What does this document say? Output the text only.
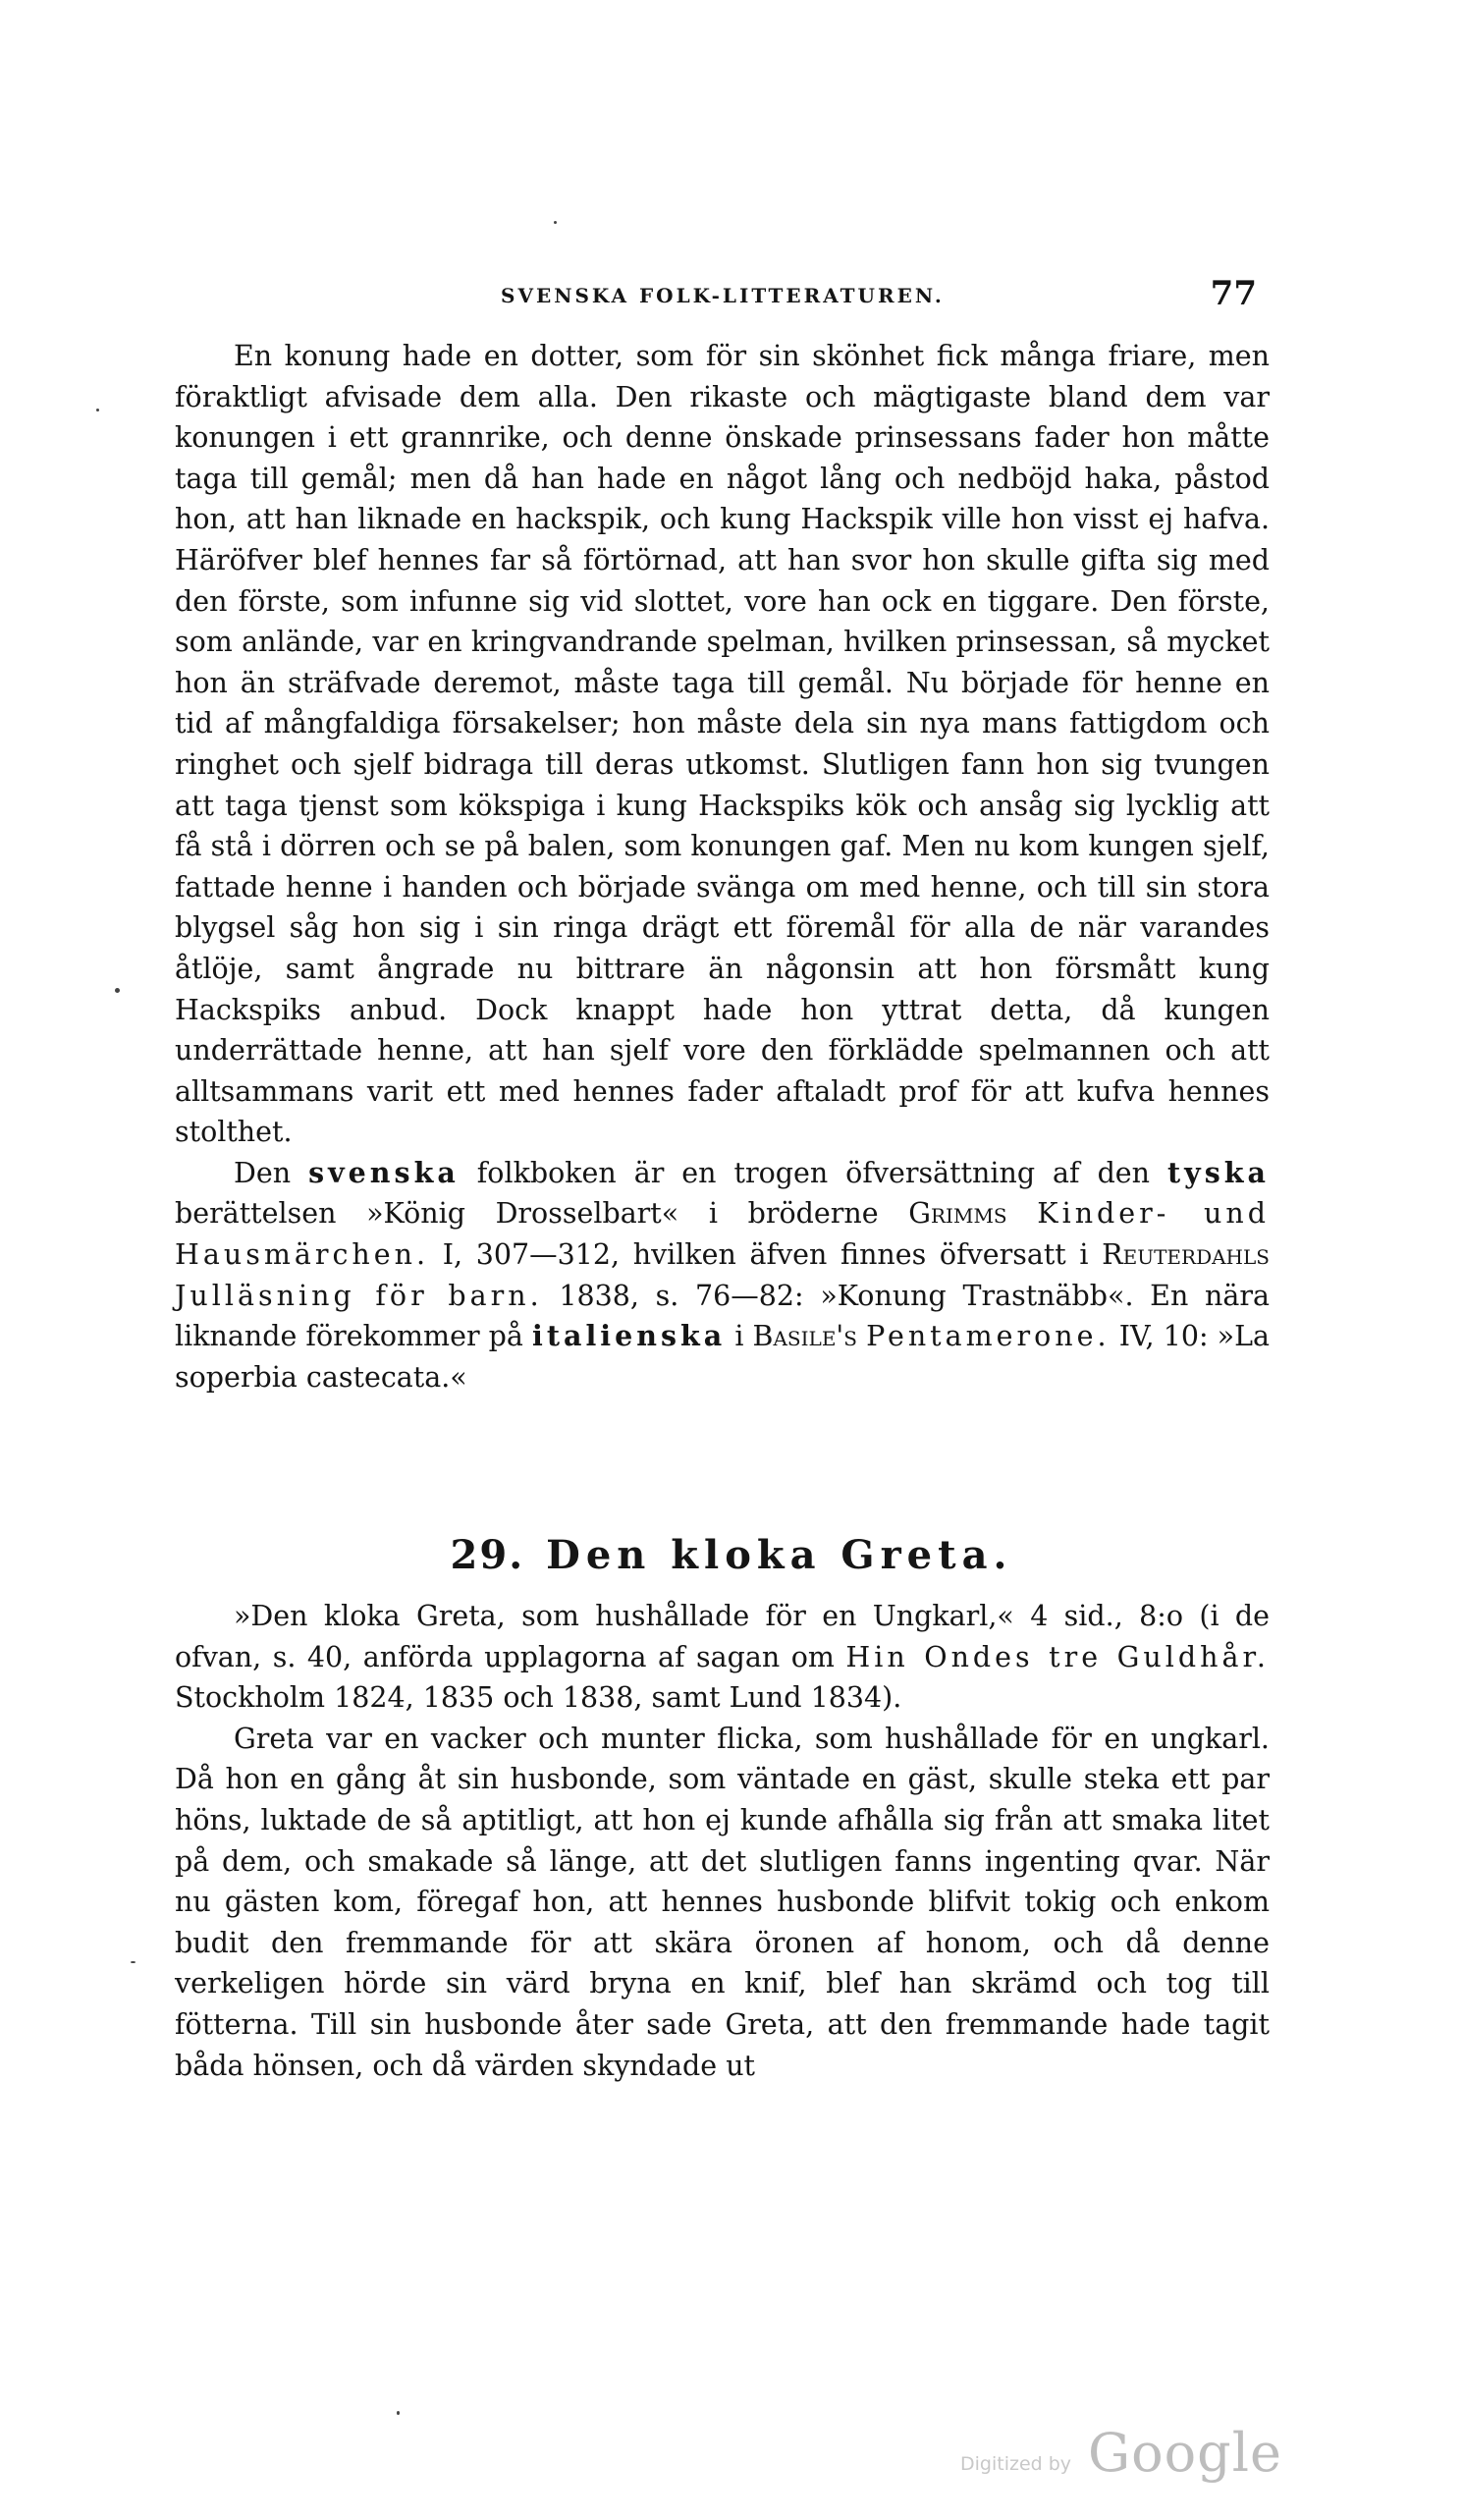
SVENSKA FOLK-LITTERATUREN.	77

En konung hade en dotter, som för sin skönhet fick många friare, men föraktligt afvisade dem alla. Den rikaste och mägtigaste bland dem var konungen i ett grannrike, och denne önskade prinsessans fader hon måtte taga till gemål; men då han hade en något lång och nedböjd haka, påstod hon, att han liknade en hackspik, och kung Hackspik ville hon visst ej hafva. Häröfver blef hennes far så förtörnad, att han svor hon skulle gifta sig med den förste, som infunne sig vid slottet, vore han ock en tiggare. Den förste, som anlände, var en kringvandrande spelman, hvilken prinsessan, så mycket hon än sträfvade deremot, måste taga till gemål. Nu började för henne en tid af mångfaldiga försakelser; hon måste dela sin nya mans fattigdom och ringhet och sjelf bidraga till deras utkomst. Slutligen fann hon sig tvungen att taga tjenst som kökspiga i kung Hackspiks kök och ansåg sig lycklig att få stå i dörren och se på balen, som konungen gaf. Men nu kom kungen sjelf, fattade henne i handen och började svänga om med henne, och till sin stora blygsel såg hon sig i sin ringa drägt ett föremål för alla de när varandes åtlöje, samt ångrade nu bittrare än någonsin att hon försmått kung Hackspiks anbud. Dock knappt hade hon yttrat detta, då kungen underrättade henne, att han sjelf vore den förklädde spelmannen och att alltsammans varit ett med hennes fader aftaladt prof för att kufva hennes stolthet.

Den svenska folkboken är en trogen öfversättning af den tyska berättelsen »König Drosselbart« i bröderne Grimms Kinder- und Hausmärchen. I, 307—312, hvilken äfven finnes öfversatt i Reuterdahls Julläsning för barn. 1838, s. 76—82: »Konung Trastnäbb«. En nära liknande förekommer på italienska i Basile's Pentamerone. IV, 10: »La soperbia castecata.«

29. Den kloka Greta.

»Den kloka Greta, som hushållade för en Ungkarl,« 4 sid., 8:o (i de ofvan, s. 40, anförda upplagorna af sagan om Hin Ondes tre Guldhår. Stockholm 1824, 1835 och 1838, samt Lund 1834).

Greta var en vacker och munter flicka, som hushållade för en ungkarl. Då hon en gång åt sin husbonde, som väntade en gäst, skulle steka ett par höns, luktade de så aptitligt, att hon ej kunde afhålla sig från att smaka litet på dem, och smakade så länge, att det slutligen fanns ingenting qvar. När nu gästen kom, föregaf hon, att hennes husbonde blifvit tokig och enkom budit den fremmande för att skära öronen af honom, och då denne verkeligen hörde sin värd bryna en knif, blef han skrämd och tog till fötterna. Till sin husbonde åter sade Greta, att den fremmande hade tagit båda hönsen, och då värden skyndade ut

Digitized by Google
